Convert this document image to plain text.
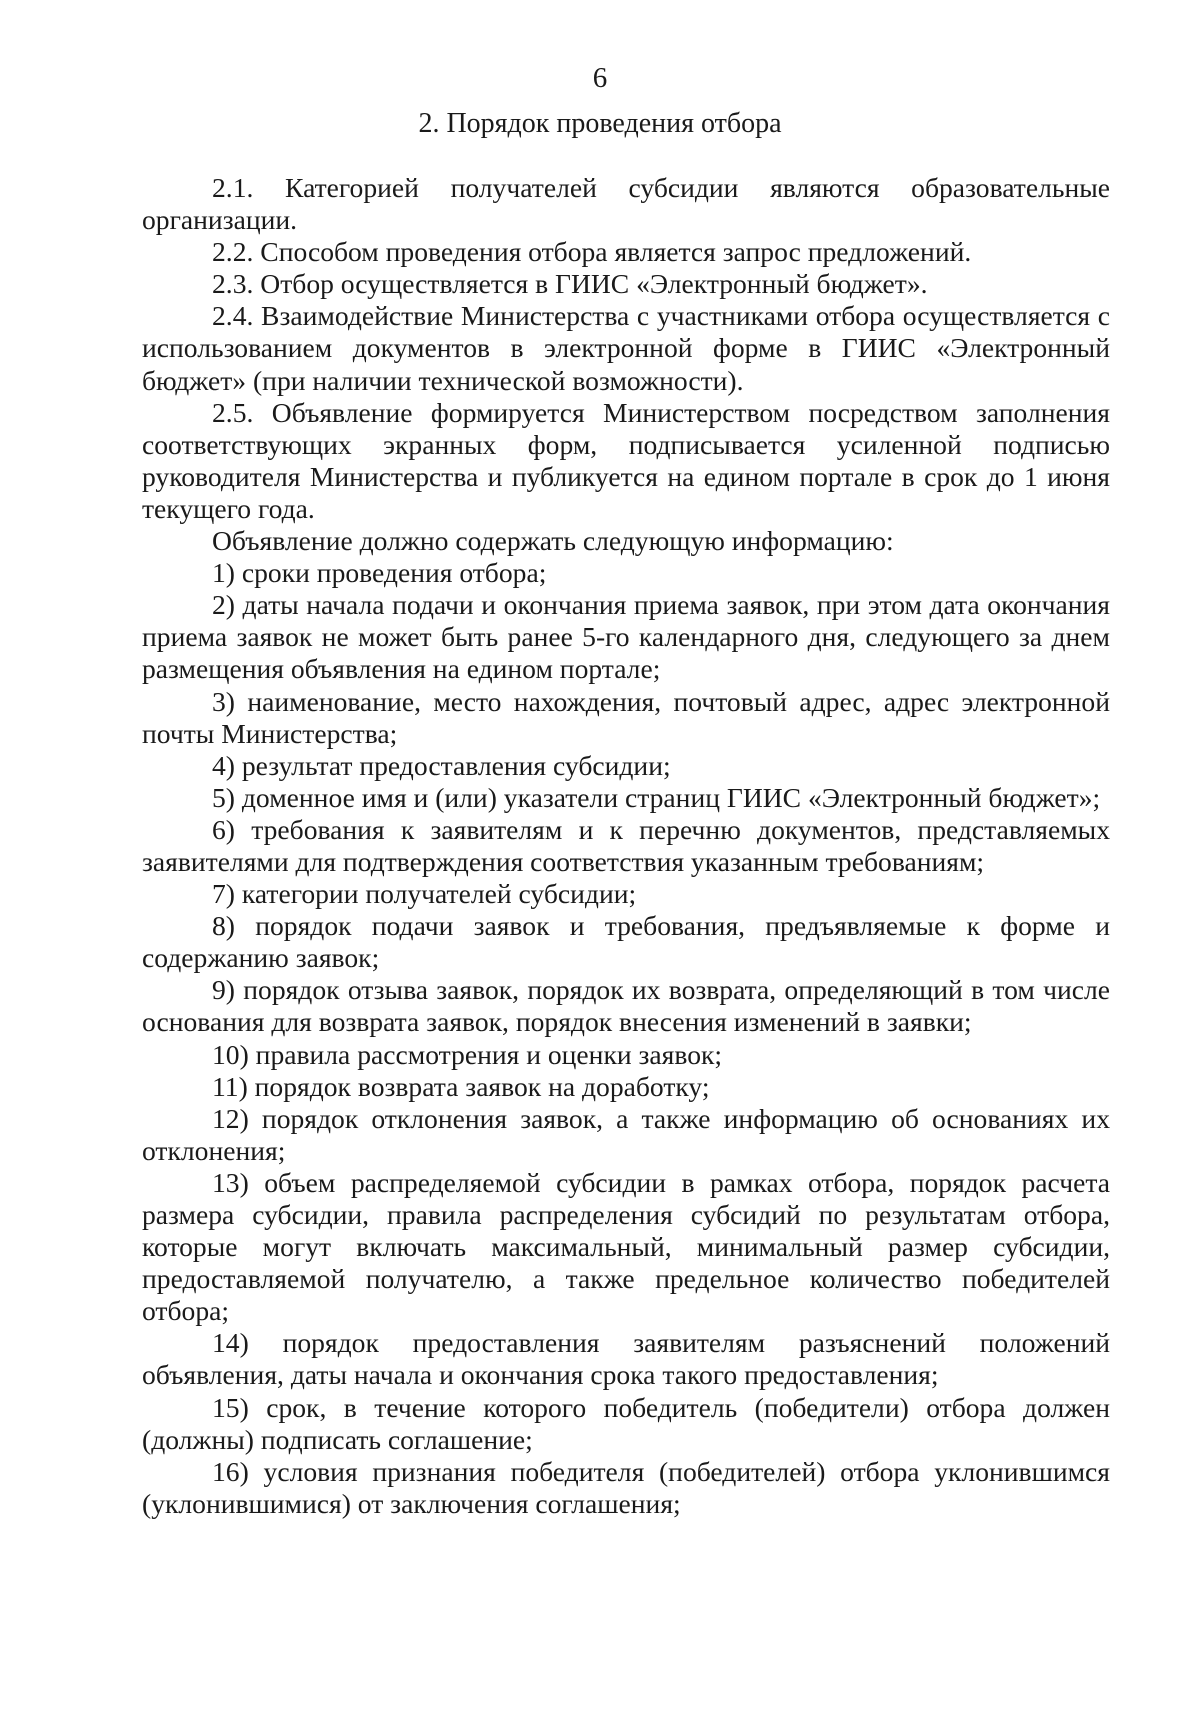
6
2. Порядок проведения отбора

2.1. Категорией получателей субсидии являются образовательные организации.

2.2. Способом проведения отбора является запрос предложений.

2.3. Отбор осуществляется в ГИИС «Электронный бюджет».

2.4. Взаимодействие Министерства с участниками отбора осуществляется с использованием документов в электронной форме в ГИИС «Электронный бюджет» (при наличии технической возможности).

2.5. Объявление формируется Министерством посредством заполнения соответствующих экранных форм, подписывается усиленной подписью руководителя Министерства и публикуется на едином портале в срок до 1 июня текущего года.

Объявление должно содержать следующую информацию:

1) сроки проведения отбора;

2) даты начала подачи и окончания приема заявок, при этом дата окончания приема заявок не может быть ранее 5-го календарного дня, следующего за днем размещения объявления на едином портале;

3) наименование, место нахождения, почтовый адрес, адрес электронной почты Министерства;

4) результат предоставления субсидии;

5) доменное имя и (или) указатели страниц ГИИС «Электронный бюджет»;

6) требования к заявителям и к перечню документов, представляемых заявителями для подтверждения соответствия указанным требованиям;

7) категории получателей субсидии;

8) порядок подачи заявок и требования, предъявляемые к форме и содержанию заявок;

9) порядок отзыва заявок, порядок их возврата, определяющий в том числе основания для возврата заявок, порядок внесения изменений в заявки;

10) правила рассмотрения и оценки заявок;

11) порядок возврата заявок на доработку;

12) порядок отклонения заявок, а также информацию об основаниях их отклонения;

13) объем распределяемой субсидии в рамках отбора, порядок расчета размера субсидии, правила распределения субсидий по результатам отбора, которые могут включать максимальный, минимальный размер субсидии, предоставляемой получателю, а также предельное количество победителей отбора;

14) порядок предоставления заявителям разъяснений положений объявления, даты начала и окончания срока такого предоставления;

15) срок, в течение которого победитель (победители) отбора должен (должны) подписать соглашение;

16) условия признания победителя (победителей) отбора уклонившимся (уклонившимися) от заключения соглашения;
